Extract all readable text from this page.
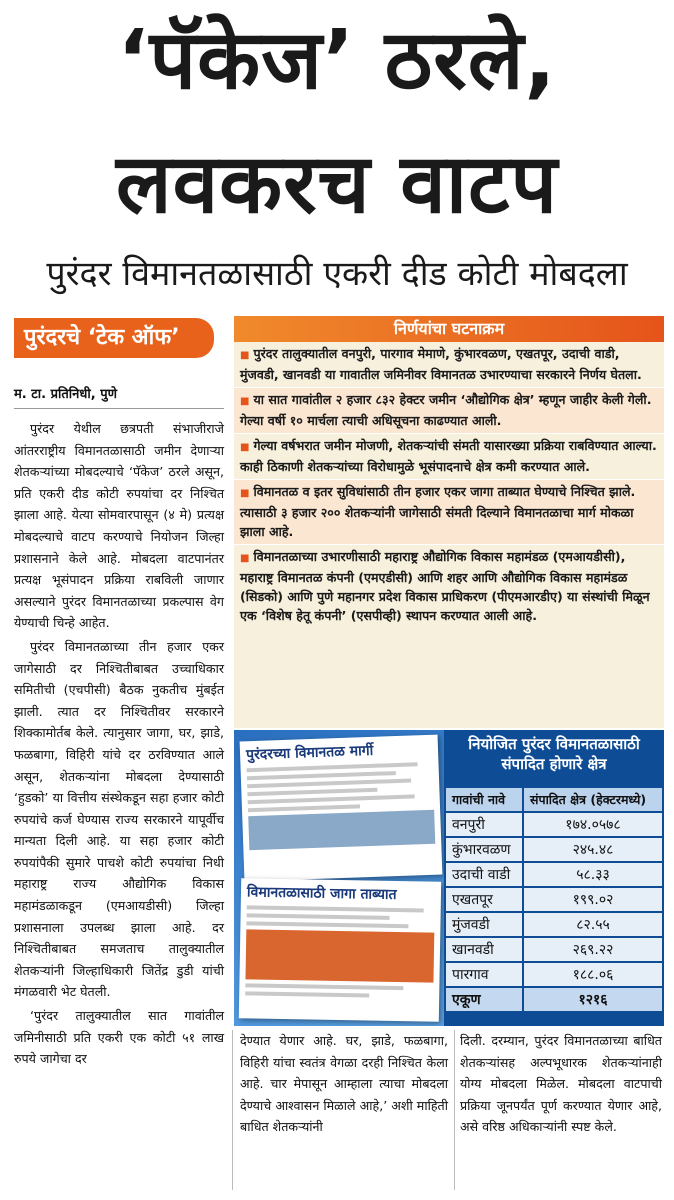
‘पॅकेज’ ठरले,
लवकरच वाटप
पुरंदर विमानतळासाठी एकरी दीड कोटी मोबदला
पुरंदरचे ‘टेक ऑफ’
म. टा. प्रतिनिधी, पुणे

पुरंदर येथील छत्रपती संभाजीराजे आंतरराष्ट्रीय विमानतळासाठी जमीन देणाऱ्या शेतकऱ्यांच्या मोबदल्याचे ‘पॅकेज’ ठरले असून, प्रति एकरी दीड कोटी रुपयांचा दर निश्चित झाला आहे. येत्या सोमवारपासून (४ मे) प्रत्यक्ष मोबदल्याचे वाटप करण्याचे नियोजन जिल्हा प्रशासनाने केले आहे. मोबदला वाटपानंतर प्रत्यक्ष भूसंपादन प्रक्रिया राबविली जाणार असल्याने पुरंदर विमानतळाच्या प्रकल्पास वेग येण्याची चिन्हे आहेत.

पुरंदर विमानतळाच्या तीन हजार एकर जागेसाठी दर निश्चितीबाबत उच्चाधिकार समितीची (एचपीसी) बैठक नुकतीच मुंबईत झाली. त्यात दर निश्चितीवर सरकारने शिक्कामोर्तब केले. त्यानुसार जागा, घर, झाडे, फळबागा, विहिरी यांचे दर ठरविण्यात आले असून, शेतकऱ्यांना मोबदला देण्यासाठी ‘हुडको’ या वित्तीय संस्थेकडून सहा हजार कोटी रुपयांचे कर्ज घेण्यास राज्य सरकारने यापूर्वीच मान्यता दिली आहे. या सहा हजार कोटी रुपयांपैकी सुमारे पाचशे कोटी रुपयांचा निधी महाराष्ट्र राज्य औद्योगिक विकास महामंडळाकडून (एमआयडीसी) जिल्हा प्रशासनाला उपलब्ध झाला आहे. दर निश्चितीबाबत समजताच तालुक्यातील शेतकऱ्यांनी जिल्हाधिकारी जितेंद्र डुडी यांची मंगळवारी भेट घेतली.

‘पुरंदर तालुक्यातील सात गावांतील जमिनीसाठी प्रति एकरी एक कोटी ५१ लाख रुपये जागेचा दर

निर्णयांचा घटनाक्रम
■ पुरंदर तालुक्यातील वनपुरी, पारगाव मेमाणे, कुंभारवळण, एखतपूर, उदाची वाडी, मुंजवडी, खानवडी या गावातील जमिनीवर विमानतळ उभारण्याचा सरकारने निर्णय घेतला.
■ या सात गावांतील २ हजार ८३२ हेक्टर जमीन ‘औद्योगिक क्षेत्र’ म्हणून जाहीर केली गेली. गेल्या वर्षी १० मार्चला त्याची अधिसूचना काढण्यात आली.
■ गेल्या वर्षभरात जमीन मोजणी, शेतकऱ्यांची संमती यासारख्या प्रक्रिया राबविण्यात आल्या. काही ठिकाणी शेतकऱ्यांच्या विरोधामुळे भूसंपादनाचे क्षेत्र कमी करण्यात आले.
■ विमानतळ व इतर सुविधांसाठी तीन हजार एकर जागा ताब्यात घेण्याचे निश्चित झाले. त्यासाठी ३ हजार २०० शेतकऱ्यांनी जागेसाठी संमती दिल्याने विमानतळाचा मार्ग मोकळा झाला आहे.
■ विमानतळाच्या उभारणीसाठी महाराष्ट्र औद्योगिक विकास महामंडळ (एमआयडीसी), महाराष्ट्र विमानतळ कंपनी (एमएडीसी) आणि शहर आणि औद्योगिक विकास महामंडळ (सिडको) आणि पुणे महानगर प्रदेश विकास प्राधिकरण (पीएमआरडीए) या संस्थांची मिळून एक ‘विशेष हेतू कंपनी’ (एसपीव्ही) स्थापन करण्यात आली आहे.
पुरंदरच्या विमानतळ मार्गी
विमानतळासाठी जागा ताब्यात
नियोजित पुरंदर विमानतळासाठी संपादित होणारे क्षेत्र
गावांची नावे	संपादित क्षेत्र (हेक्टरमध्ये)
वनपुरी	१७४.०५७८
कुंभारवळण	२४५.४८
उदाची वाडी	५८.३३
एखतपूर	१९९.०२
मुंजवडी	८२.५५
खानवडी	२६९.२२
पारगाव	१८८.०६
एकूण	१२१६
देण्यात येणार आहे. घर, झाडे, फळबागा, विहिरी यांचा स्वतंत्र वेगळा दरही निश्चित केला आहे. चार मेपासून आम्हाला त्याचा मोबदला देण्याचे आश्वासन मिळाले आहे,’ अशी माहिती बाधित शेतकऱ्यांनी
दिली. दरम्यान, पुरंदर विमानतळाच्या बाधित शेतकऱ्यांसह अल्पभूधारक शेतकऱ्यांनाही योग्य मोबदला मिळेल. मोबदला वाटपाची प्रक्रिया जूनपर्यंत पूर्ण करण्यात येणार आहे, असे वरिष्ठ अधिकाऱ्यांनी स्पष्ट केले.
